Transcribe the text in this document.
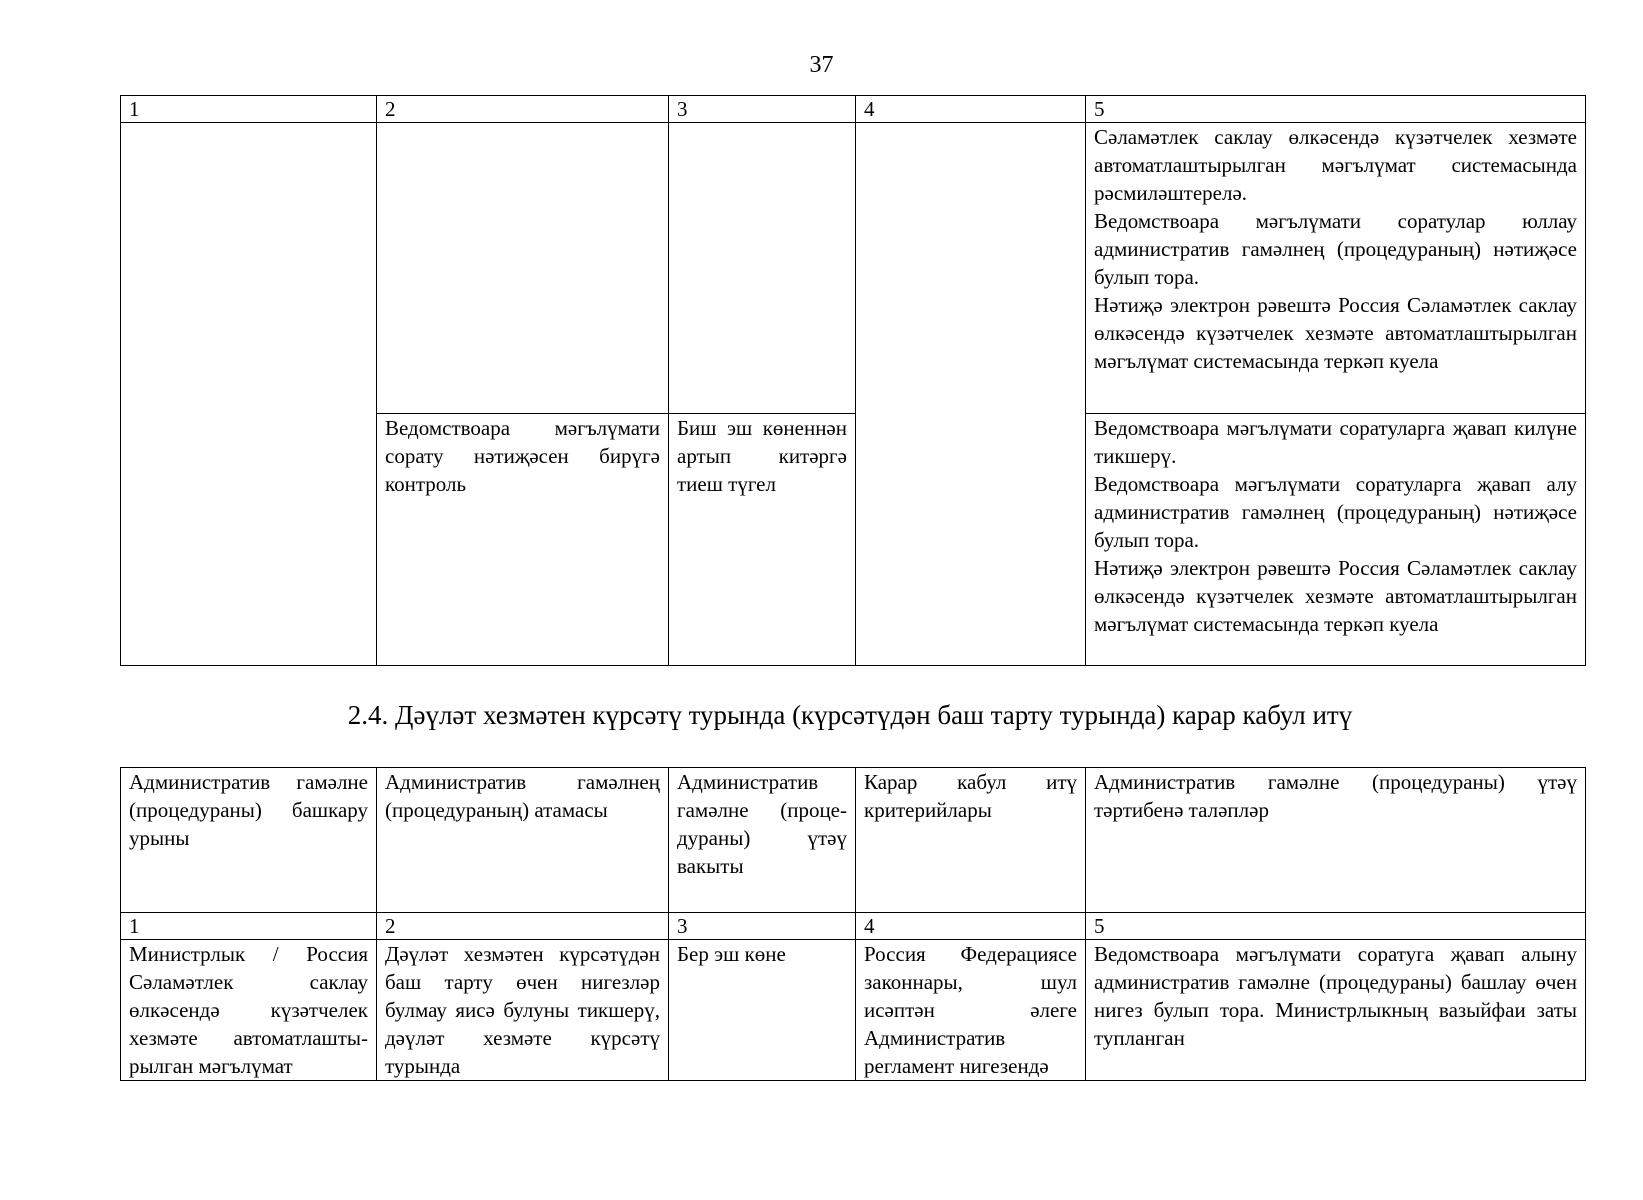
37
1	2	3	4	5

				Сәламәтлек саклау өлкәсендә күзәтчелек хезмәте автоматлаштырылган мәгълүмат системасында рәсмиләштерелә.

Ведомствоара мәгълүмати соратулар юллау административ гамәлнең (процедураның) нәтиҗәсе булып тора.

Нәтиҗә электрон рәвештә Россия Сәламәтлек саклау өлкәсендә күзәтчелек хезмәте автоматлаштырылган мәгълүмат системасында теркәп куела

	Ведомствоара мәгълүмати сорату нәтиҗәсен бирүгә контроль	Биш эш көненнән артып китәргә тиеш түгел		Ведомствоара мәгълүмати соратуларга җавап килүне тикшерү.

Ведомствоара мәгълүмати соратуларга җавап алу административ гамәлнең (процедураның) нәтиҗәсе булып тора.

Нәтиҗә электрон рәвештә Россия Сәламәтлек саклау өлкәсендә күзәтчелек хезмәте автоматлаштырылган мәгълүмат системасында теркәп куела

2.4. Дәүләт хезмәтен күрсәтү турында (күрсәтүдән баш тарту турында) карар кабул итү
Административ гамәлне (процедураны) башкару урыны	Административ гамәлнең (процедураның) атамасы	Административ гамәлне (проце-дураны) үтәү вакыты	Карар кабул итү критерийлары	Административ гамәлне (процедураны) үтәү тәртибенә таләпләр
1	2	3	4	5
Министрлык / Россия Сәламәтлек саклау өлкәсендә күзәтчелек хезмәте автоматлашты-рылган мәгълүмат	Дәүләт хезмәтен күрсәтүдән баш тарту өчен нигезләр булмау яисә булуны тикшерү, дәүләт хезмәте күрсәтү турында	Бер эш көне	Россия Федерациясе законнары, шул исәптән әлеге Административ регламент нигезендә	Ведомствоара мәгълүмати соратуга җавап алыну административ гамәлне (процедураны) башлау өчен нигез булып тора. Министрлыкның вазыйфаи заты тупланган
